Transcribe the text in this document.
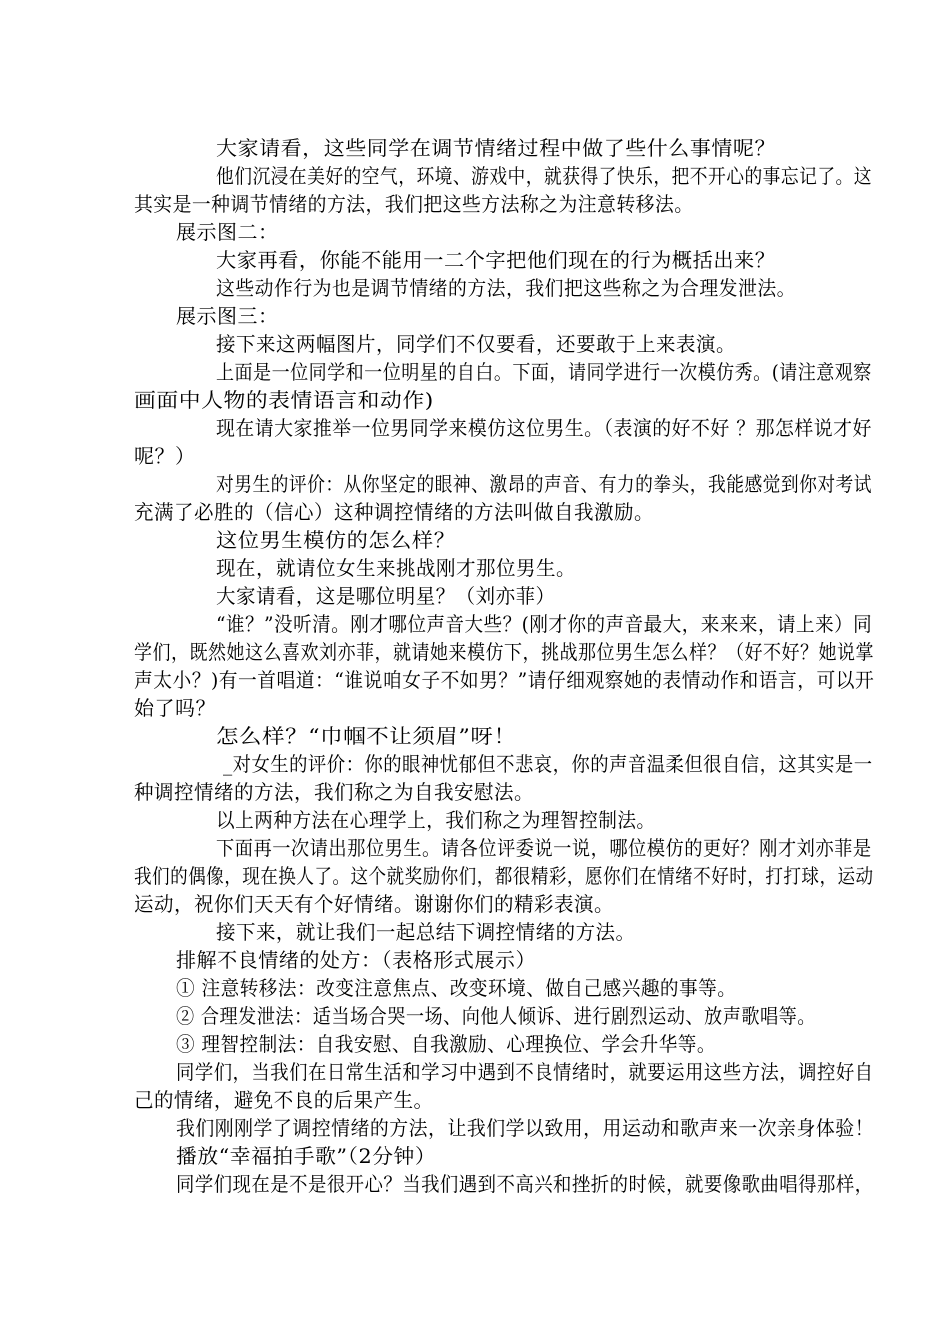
大家请看，这些同学在调节情绪过程中做了些什么事情呢？
他们沉浸在美好的空气，环境、游戏中，就获得了快乐，把不开心的事忘记了。这
其实是一种调节情绪的方法，我们把这些方法称之为注意转移法。
展示图二：
大家再看，你能不能用一二个字把他们现在的行为概括出来？
这些动作行为也是调节情绪的方法，我们把这些称之为合理发泄法。
展示图三：
接下来这两幅图片，同学们不仅要看，还要敢于上来表演。
上面是一位同学和一位明星的自白。下面，请同学进行一次模仿秀。(请注意观察
画面中人物的表情语言和动作)
现在请大家推举一位男同学来模仿这位男生。（表演的好不好 ？那怎样说才好
呢？）
对男生的评价：从你坚定的眼神、激昂的声音、有力的拳头，我能感觉到你对考试
充满了必胜的（信心）这种调控情绪的方法叫做自我激励。
这位男生模仿的怎么样？
现在，就请位女生来挑战刚才那位男生。
大家请看，这是哪位明星？（刘亦菲）
“谁？”没听清。刚才哪位声音大些？(刚才你的声音最大，来来来，请上来）同
学们，既然她这么喜欢刘亦菲，就请她来模仿下，挑战那位男生怎么样？（好不好？她说掌
声太小？)有一首唱道：“谁说咱女子不如男？”请仔细观察她的表情动作和语言，可以开
始了吗？
怎么样？“巾帼不让须眉”呀！
_对女生的评价：你的眼神忧郁但不悲哀，你的声音温柔但很自信，这其实是一
种调控情绪的方法，我们称之为自我安慰法。
以上两种方法在心理学上，我们称之为理智控制法。
下面再一次请出那位男生。请各位评委说一说，哪位模仿的更好？刚才刘亦菲是
我们的偶像，现在换人了。这个就奖励你们，都很精彩，愿你们在情绪不好时，打打球，运动
运动，祝你们天天有个好情绪。谢谢你们的精彩表演。
接下来，就让我们一起总结下调控情绪的方法。
排解不良情绪的处方：（表格形式展示）
① 注意转移法：改变注意焦点、改变环境、做自己感兴趣的事等。
② 合理发泄法：适当场合哭一场、向他人倾诉、进行剧烈运动、放声歌唱等。
③ 理智控制法：自我安慰、自我激励、心理换位、学会升华等。
同学们，当我们在日常生活和学习中遇到不良情绪时，就要运用这些方法，调控好自
己的情绪，避免不良的后果产生。
我们刚刚学了调控情绪的方法，让我们学以致用，用运动和歌声来一次亲身体验！
播放“幸福拍手歌”（2分钟）
同学们现在是不是很开心？当我们遇到不高兴和挫折的时候，就要像歌曲唱得那样，
